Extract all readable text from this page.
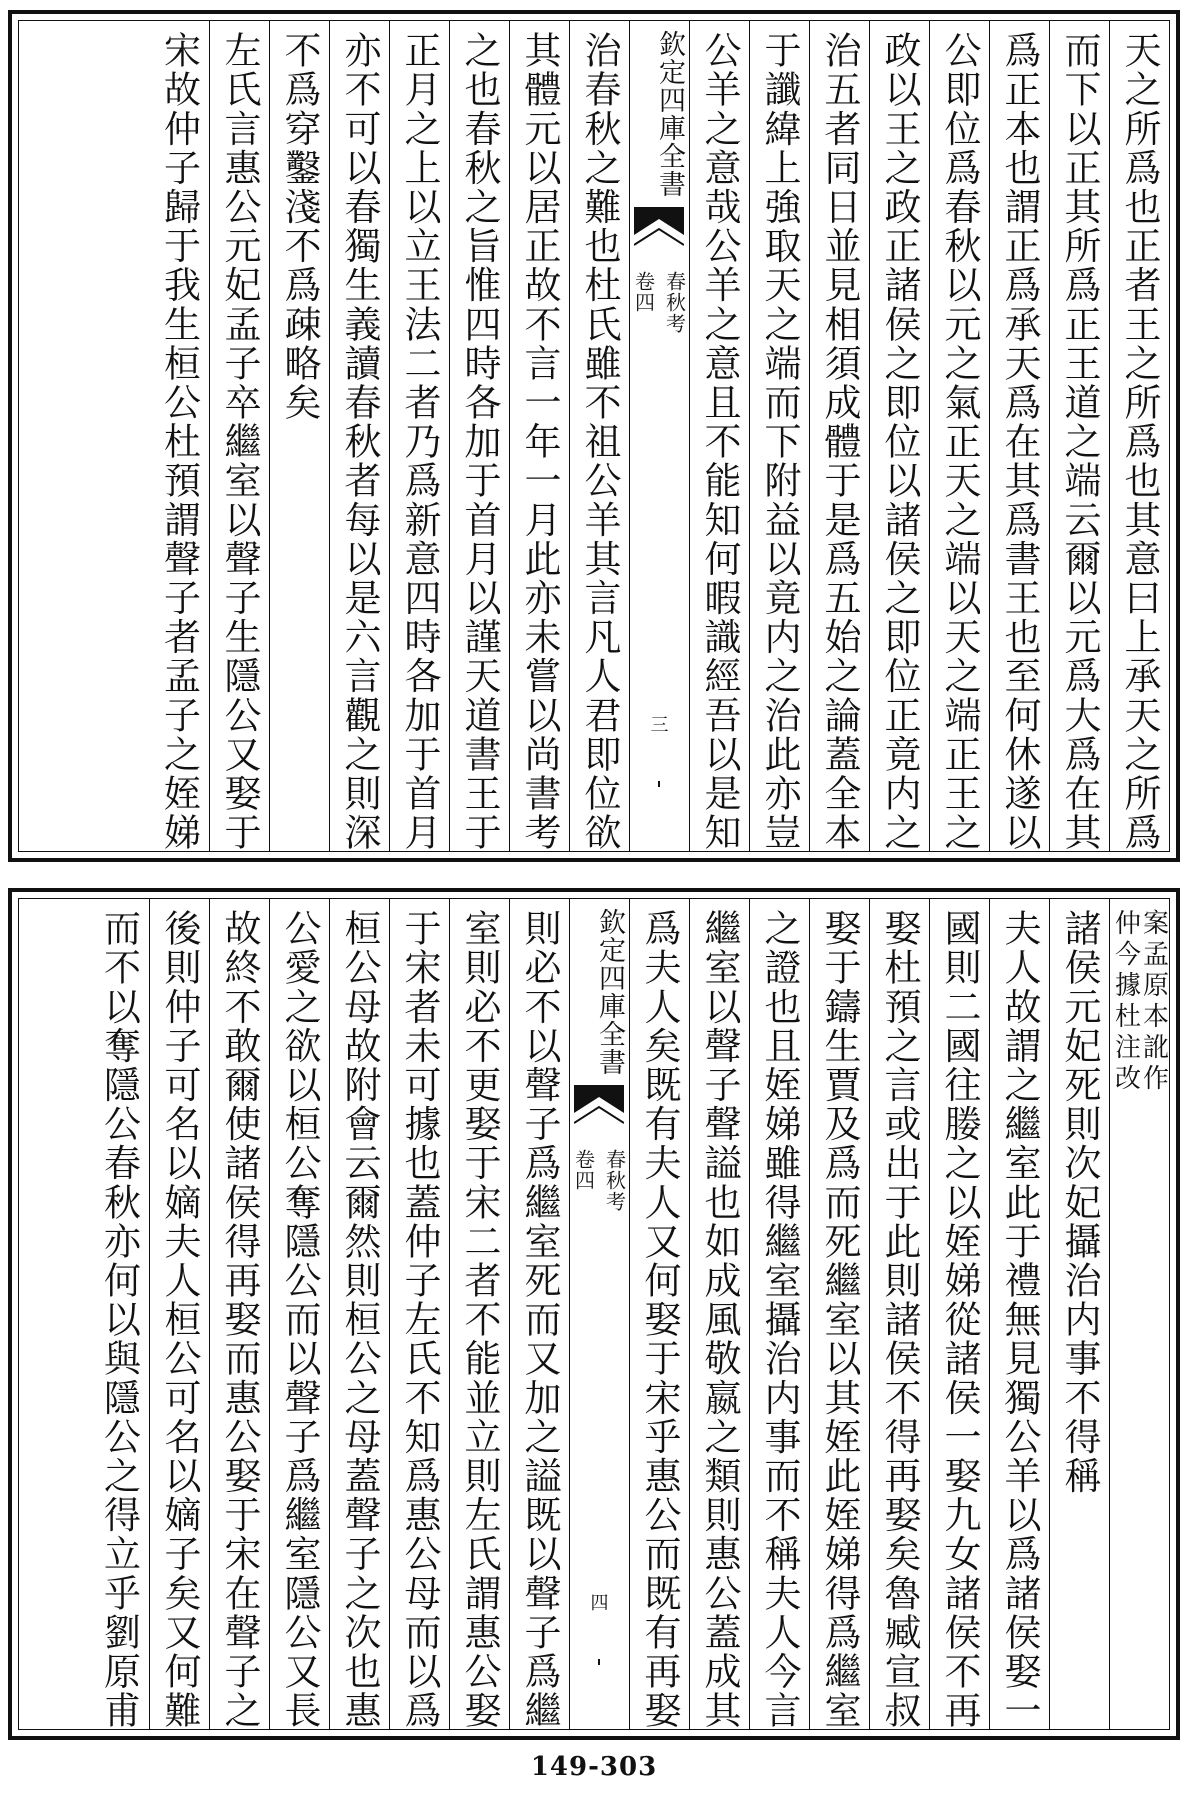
天之所爲也正者王之所爲也其意曰上承天之所爲
而下以正其所爲正王道之端云爾以元爲大爲在其
爲正本也謂正爲承天爲在其爲書王也至何休遂以
公即位爲春秋以元之氣正天之端以天之端正王之
政以王之政正諸侯之即位以諸侯之即位正竟内之
治五者同日並見相須成體于是爲五始之論蓋全本
于讖緯上強取天之端而下附益以竟内之治此亦豈
公羊之意哉公羊之意且不能知何暇識經吾以是知
欽定四庫全書
春秋考
卷四
三
治春秋之難也杜氏雖不祖公羊其言凡人君即位欲
其體元以居正故不言一年一月此亦未嘗以尚書考
之也春秋之旨惟四時各加于首月以謹天道書王于
正月之上以立王法二者乃爲新意四時各加于首月
亦不可以春獨生義讀春秋者每以是六言觀之則深
不爲穿鑿淺不爲疎略矣
左氏言惠公元妃孟子卒繼室以聲子生隱公又娶于
宋故仲子歸于我生桓公杜預謂聲子者孟子之姪娣
案孟原本訛作
仲今據杜注改
諸侯元妃死則次妃攝治内事不得稱
夫人故謂之繼室此于禮無見獨公羊以爲諸侯娶一
國則二國往媵之以姪娣從諸侯一娶九女諸侯不再
娶杜預之言或出于此則諸侯不得再娶矣魯臧宣叔
娶于鑄生賈及爲而死繼室以其姪此姪娣得爲繼室
之證也且姪娣雖得繼室攝治内事而不稱夫人今言
繼室以聲子聲謚也如成風敬嬴之類則惠公蓋成其
爲夫人矣既有夫人又何娶于宋乎惠公而既有再娶
欽定四庫全書
春秋考
卷四
四
則必不以聲子爲繼室死而又加之謚既以聲子爲繼
室則必不更娶于宋二者不能並立則左氏謂惠公娶
于宋者未可據也蓋仲子左氏不知爲惠公母而以爲
桓公母故附會云爾然則桓公之母蓋聲子之次也惠
公愛之欲以桓公奪隱公而以聲子爲繼室隱公又長
故終不敢爾使諸侯得再娶而惠公娶于宋在聲子之
後則仲子可名以嫡夫人桓公可名以嫡子矣又何難
而不以奪隱公春秋亦何以與隱公之得立乎劉原甫
149-303
